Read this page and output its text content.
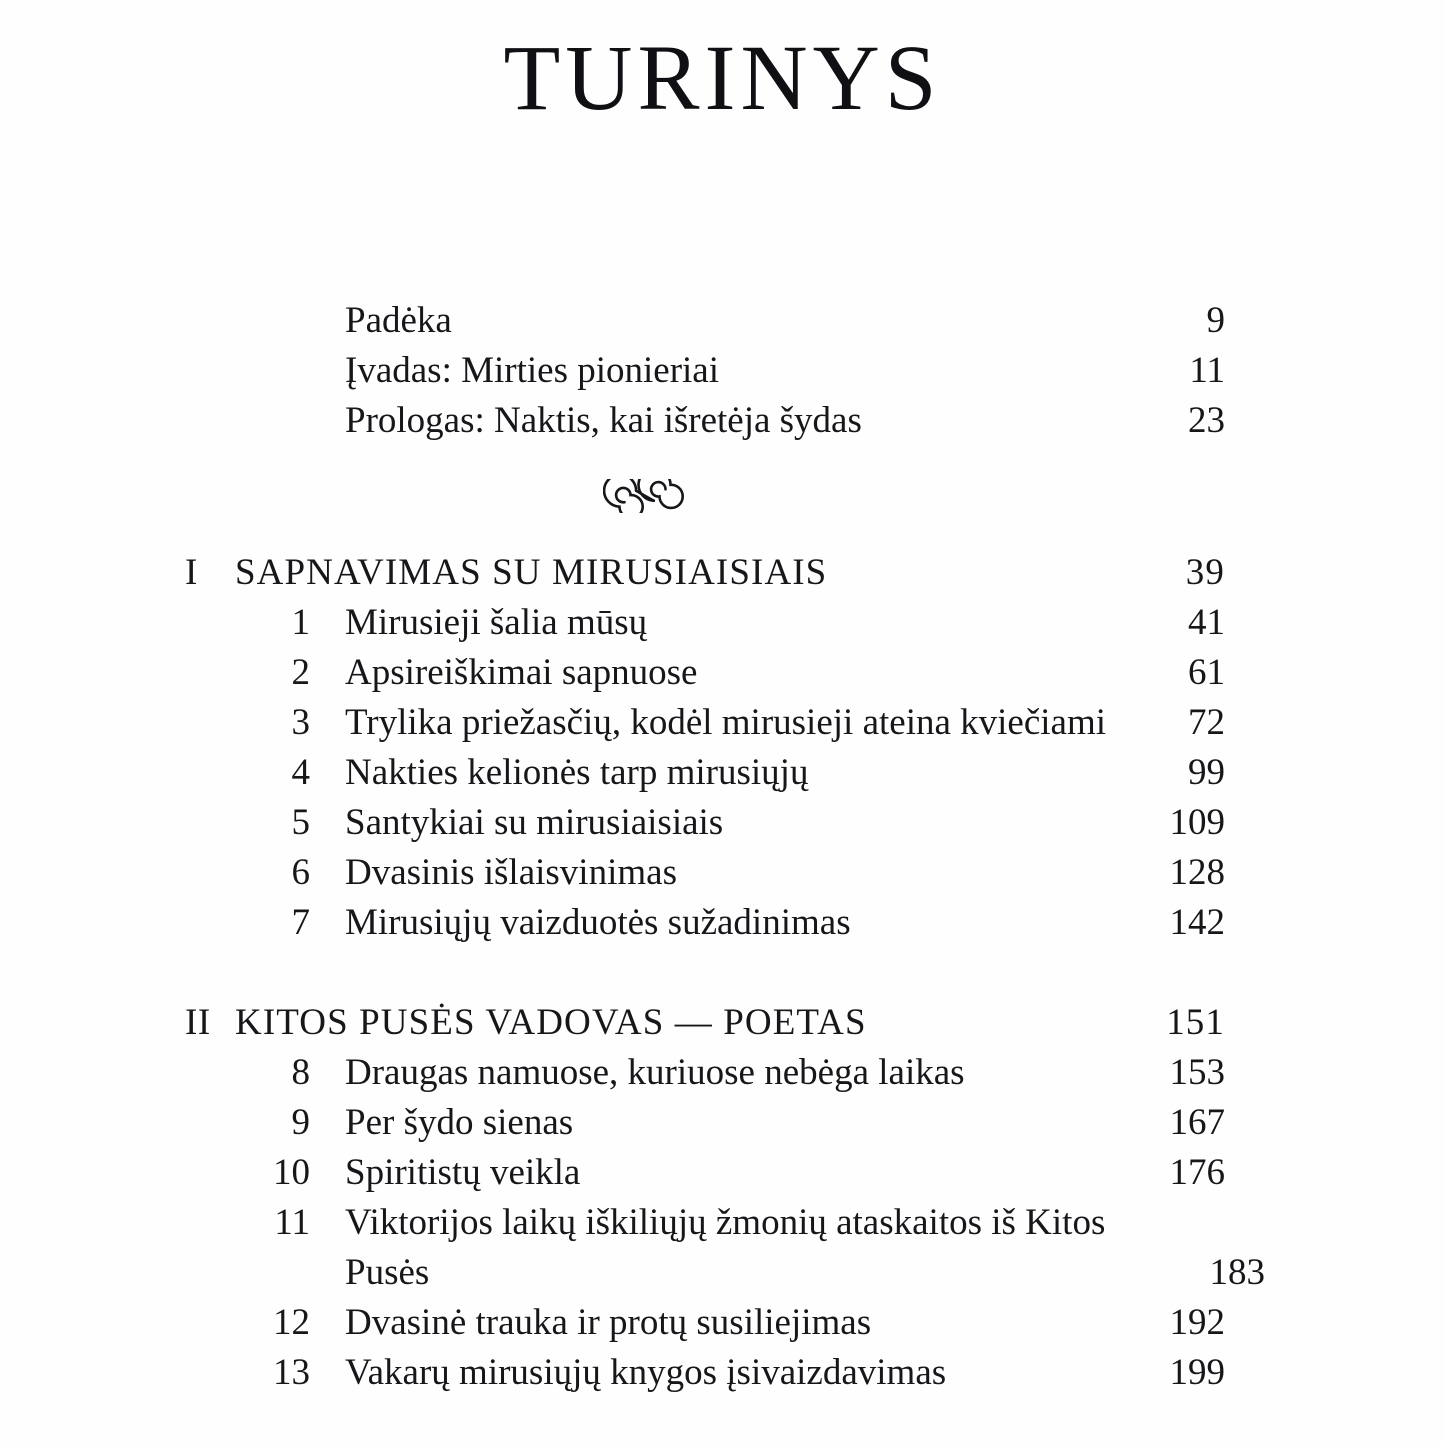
TURINYS
Padėka	9
Įvadas: Mirties pionieriai	11
Prologas: Naktis, kai išretėja šydas	23
I	SAPNAVIMAS SU MIRUSIAISIAIS	39
1 Mirusieji šalia mūsų	41
2 Apsireiškimai sapnuose	61
3 Trylika priežasčių, kodėl mirusieji ateina kviečiami	72
4 Nakties kelionės tarp mirusiųjų	99
5 Santykiai su mirusiaisiais	109
6 Dvasinis išlaisvinimas	128
7 Mirusiųjų vaizduotės sužadinimas	142
II KITOS PUSĖS VADOVAS — POETAS	151
8 Draugas namuose, kuriuose nebėga laikas	153
9 Per šydo sienas	167
10 Spiritistų veikla	176
11 Viktorijos laikų iškiliųjų žmonių ataskaitos iš Kitos
Pusės	183
12 Dvasinė trauka ir protų susiliejimas	192
13 Vakarų mirusiųjų knygos įsivaizdavimas	199
